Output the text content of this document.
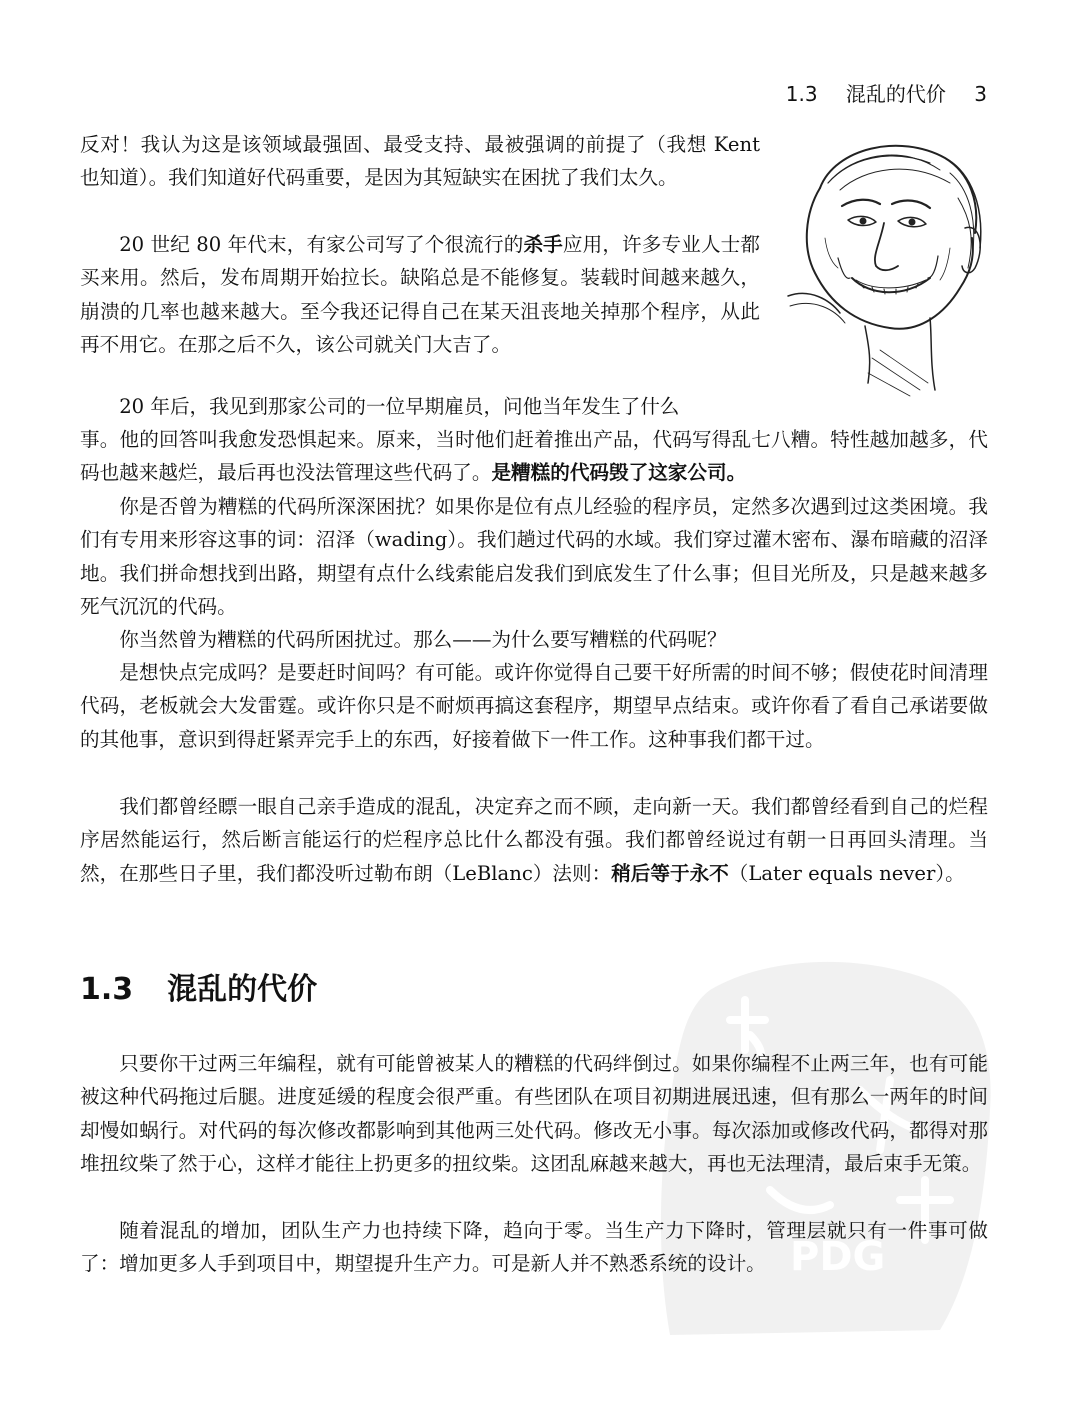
1.3 混乱的代价 3

反对！我认为这是该领域最强固、最受支持、最被强调的前提了（我想 Kent 也知道）。我们知道好代码重要，是因为其短缺实在困扰了我们太久。

20 世纪 80 年代末，有家公司写了个很流行的杀手应用，许多专业人士都买来用。然后，发布周期开始拉长。缺陷总是不能修复。装载时间越来越久，崩溃的几率也越来越大。至今我还记得自己在某天沮丧地关掉那个程序，从此再不用它。在那之后不久，该公司就关门大吉了。

20 年后，我见到那家公司的一位早期雇员，问他当年发生了什么

事。他的回答叫我愈发恐惧起来。原来，当时他们赶着推出产品，代码写得乱七八糟。特性越加越多，代码也越来越烂，最后再也没法管理这些代码了。是糟糕的代码毁了这家公司。

你是否曾为糟糕的代码所深深困扰？如果你是位有点儿经验的程序员，定然多次遇到过这类困境。我们有专用来形容这事的词：沼泽（wading）。我们趟过代码的水域。我们穿过灌木密布、瀑布暗藏的沼泽地。我们拼命想找到出路，期望有点什么线索能启发我们到底发生了什么事；但目光所及，只是越来越多死气沉沉的代码。

你当然曾为糟糕的代码所困扰过。那么——为什么要写糟糕的代码呢？

是想快点完成吗？是要赶时间吗？有可能。或许你觉得自己要干好所需的时间不够；假使花时间清理代码，老板就会大发雷霆。或许你只是不耐烦再搞这套程序，期望早点结束。或许你看了看自己承诺要做的其他事，意识到得赶紧弄完手上的东西，好接着做下一件工作。这种事我们都干过。

我们都曾经瞟一眼自己亲手造成的混乱，决定弃之而不顾，走向新一天。我们都曾经看到自己的烂程序居然能运行，然后断言能运行的烂程序总比什么都没有强。我们都曾经说过有朝一日再回头清理。当然，在那些日子里，我们都没听过勒布朗（LeBlanc）法则：稍后等于永不（Later equals never）。

1.3 混乱的代价
PDG

只要你干过两三年编程，就有可能曾被某人的糟糕的代码绊倒过。如果你编程不止两三年，也有可能被这种代码拖过后腿。进度延缓的程度会很严重。有些团队在项目初期进展迅速，但有那么一两年的时间却慢如蜗行。对代码的每次修改都影响到其他两三处代码。修改无小事。每次添加或修改代码，都得对那堆扭纹柴了然于心，这样才能往上扔更多的扭纹柴。这团乱麻越来越大，再也无法理清，最后束手无策。

随着混乱的增加，团队生产力也持续下降，趋向于零。当生产力下降时，管理层就只有一件事可做了：增加更多人手到项目中，期望提升生产力。可是新人并不熟悉系统的设计。
